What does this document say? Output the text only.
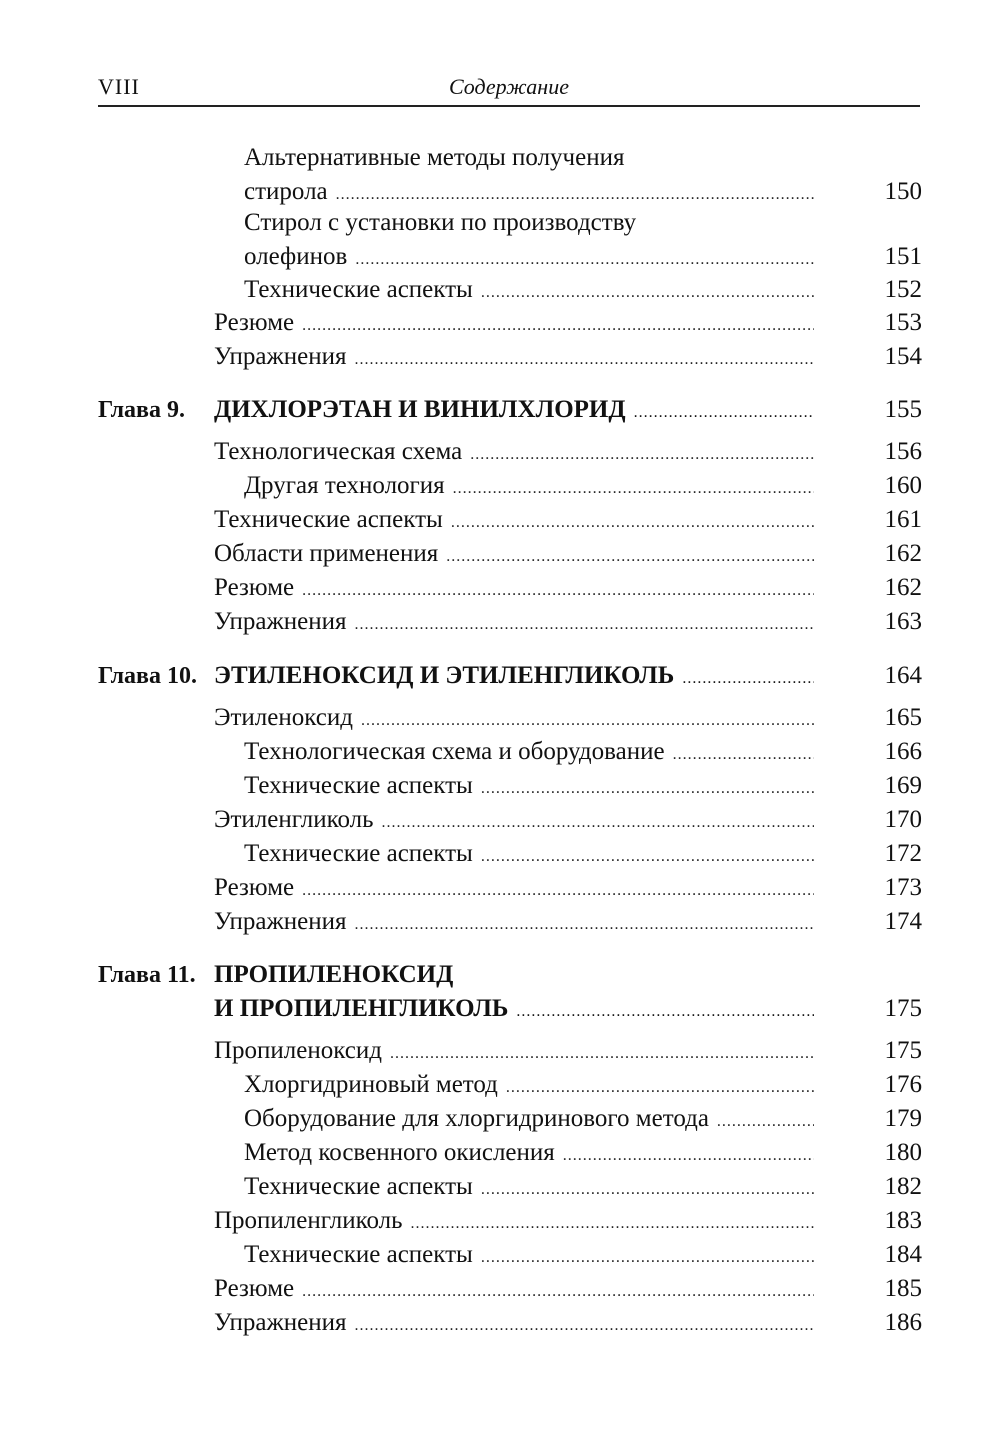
VIII	Содержание
Альтернативные методы получения
стирола .....	150
Стирол с установки по производству
олефинов .....	151
Технические аспекты .....	152
Резюме .....	153
Упражнения .....	154
Глава 9. ДИХЛОРЭТАН И ВИНИЛХЛОРИД .....	155
Технологическая схема .....	156
Другая технология .....	160
Технические аспекты .....	161
Области применения .....	162
Резюме .....	162
Упражнения .....	163
Глава 10. ЭТИЛЕНОКСИД И ЭТИЛЕНГЛИКОЛЬ .....	164
Этиленоксид .....	165
Технологическая схема и оборудование .....	166
Технические аспекты .....	169
Этиленгликоль .....	170
Технические аспекты .....	172
Резюме .....	173
Упражнения .....	174
Глава 11. ПРОПИЛЕНОКСИД
И ПРОПИЛЕНГЛИКОЛЬ .....	175
Пропиленоксид .....	175
Хлоргидриновый метод .....	176
Оборудование для хлоргидринового метода .....	179
Метод косвенного окисления .....	180
Технические аспекты .....	182
Пропиленгликоль .....	183
Технические аспекты .....	184
Резюме .....	185
Упражнения .....	186
